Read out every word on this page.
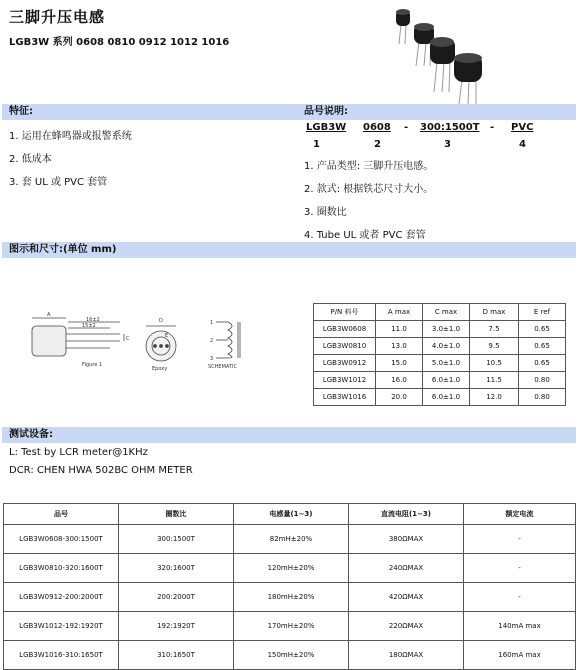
三脚升压电感
LGB3W 系列 0608 0810 0912 1012 1016
特征:	品号说明:
1. 运用在蜂鸣器或报警系统
2. 低成本
3. 套 UL 或 PVC 套管
LGB3W 0608 - 300:1500T - PVC
1	2	3	4
1. 产品类型: 三脚升压电感。
2. 款式: 根据铁芯尺寸大小。
3. 圈数比
4. Tube UL 或者 PVC 套管
图示和尺寸:(单位 mm)
A
16±2
15±2
C
Figure 1
D
E
Epoxy
1
2
3
SCHEMATIC
P/N 料号	A max	C max	D max	E ref
LGB3W0608	11.0	3.0±1.0	7.5	0.65
LGB3W0810	13.0	4.0±1.0	9.5	0.65
LGB3W0912	15.0	5.0±1.0	10.5	0.65
LGB3W1012	16.0	6.0±1.0	11.5	0.80
LGB3W1016	20.0	6.0±1.0	12.0	0.80
测试设备:
L: Test by LCR meter@1KHz
DCR: CHEN HWA 502BC OHM METER
品号	圈数比	电感量(1~3)	直流电阻(1~3)	额定电流
LGB3W0608-300:1500T	300:1500T	82mH±20%	380ΩMAX	-
LGB3W0810-320:1600T	320:1600T	120mH±20%	240ΩMAX	-
LGB3W0912-200:2000T	200:2000T	180mH±20%	420ΩMAX	-
LGB3W1012-192:1920T	192:1920T	170mH±20%	220ΩMAX	140mA max
LGB3W1016-310:1650T	310:1650T	150mH±20%	180ΩMAX	160mA max
